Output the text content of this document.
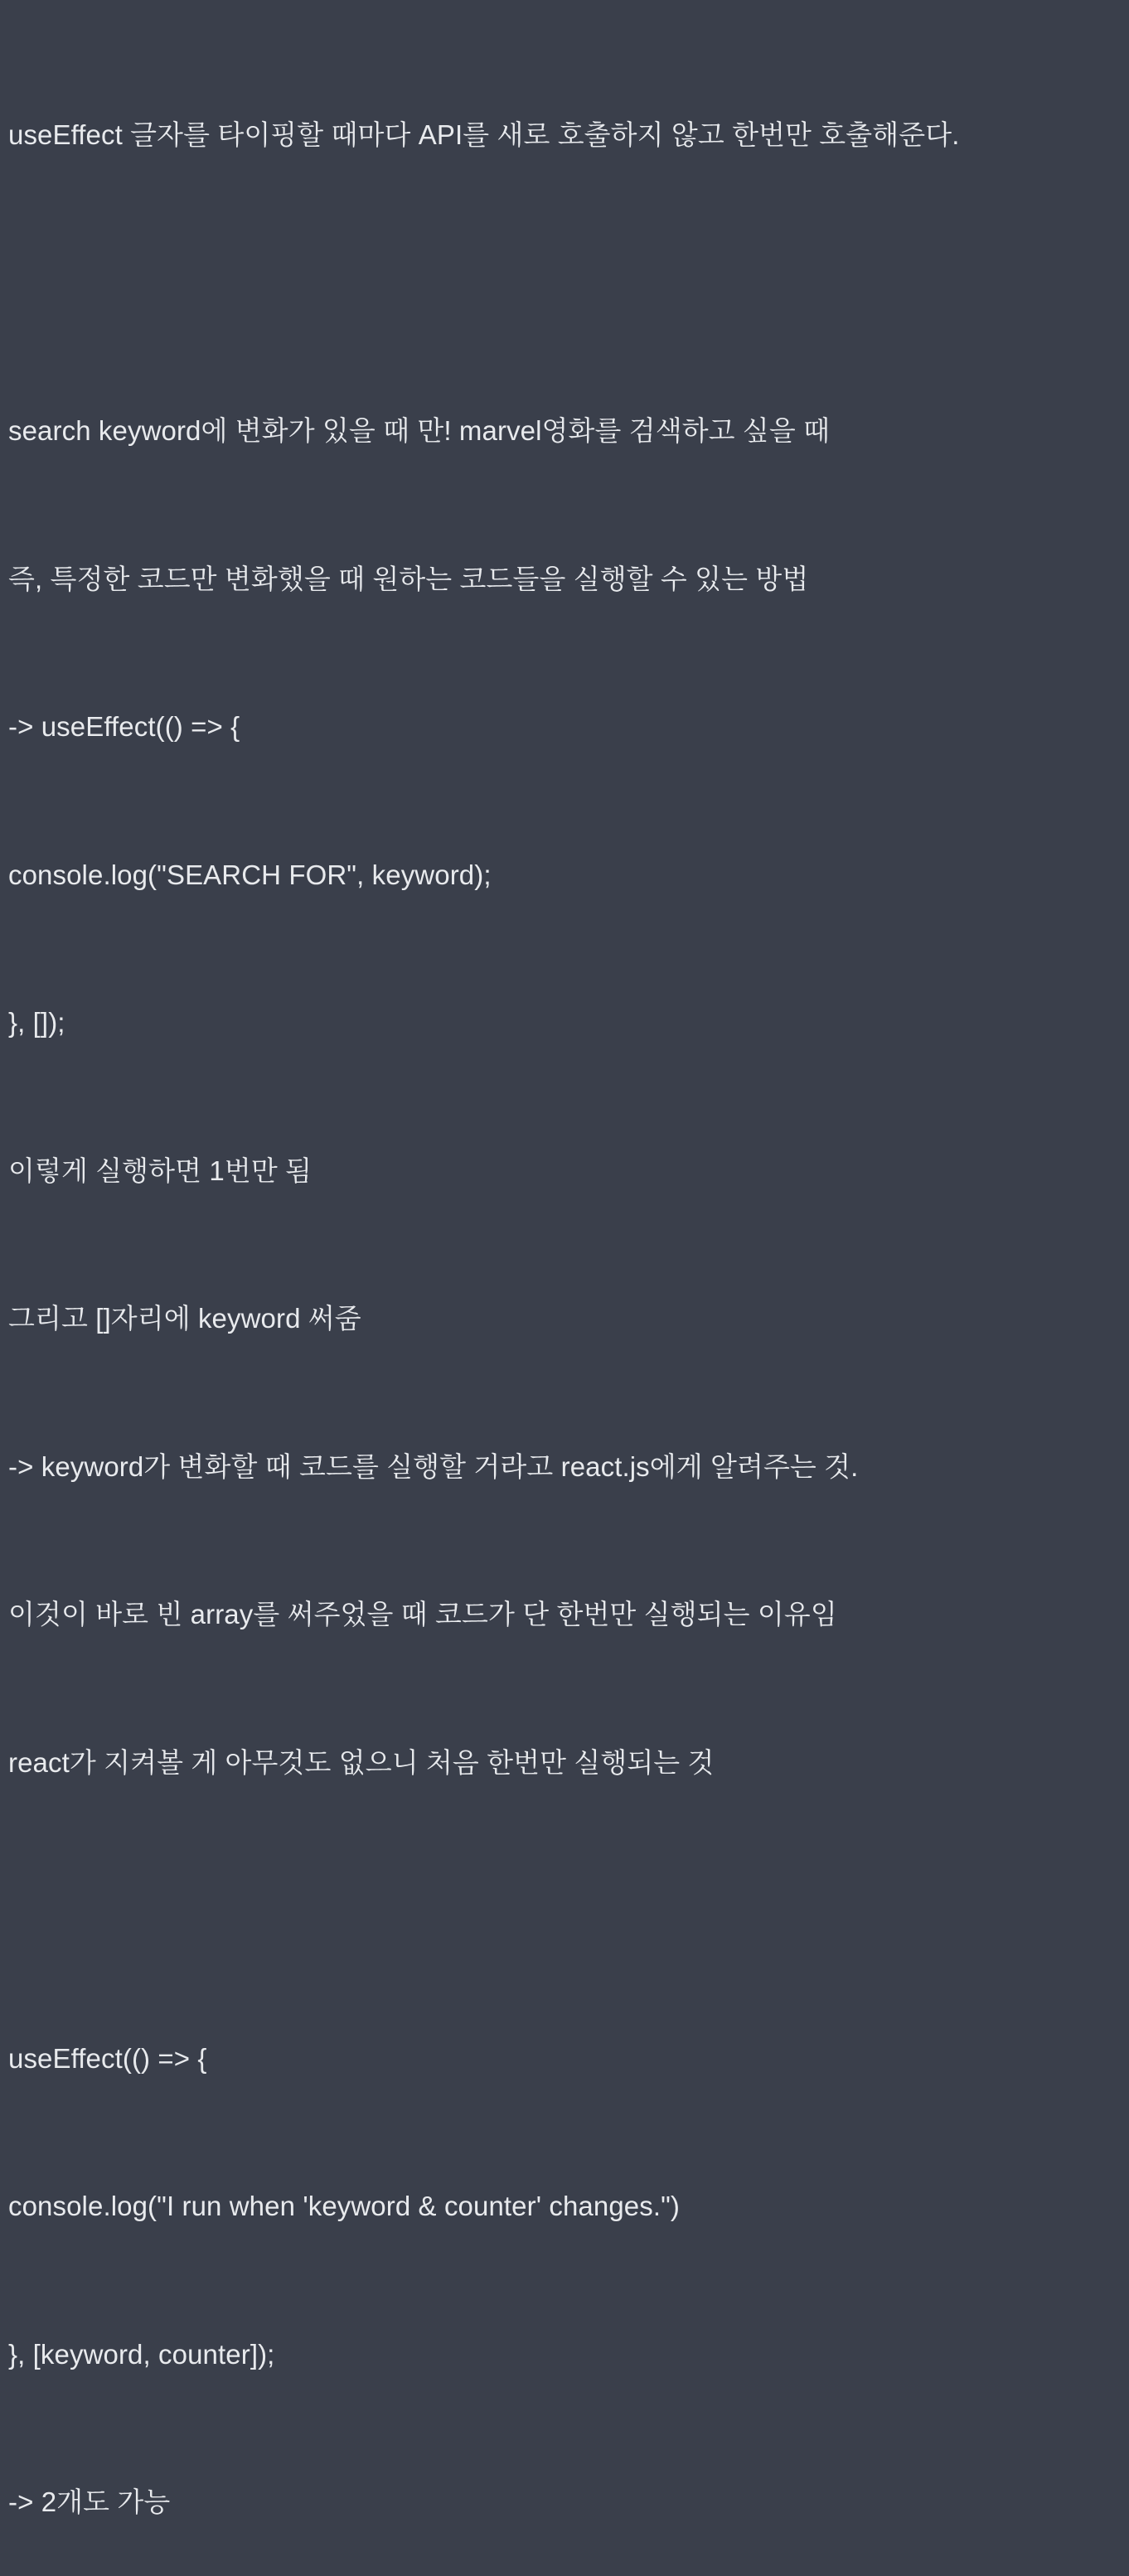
useEffect 글자를 타이핑할 때마다 API를 새로 호출하지 않고 한번만 호출해준다.

search keyword에 변화가 있을 때 만! marvel영화를 검색하고 싶을 때

즉, 특정한 코드만 변화했을 때 원하는 코드들을 실행할 수 있는 방법

-> useEffect(() => {

console.log("SEARCH FOR", keyword);

}, []);

이렇게 실행하면 1번만 됨

그리고 []자리에 keyword 써줌

-> keyword가 변화할 때 코드를 실행할 거라고 react.js에게 알려주는 것.

이것이 바로 빈 array를 써주었을 때 코드가 단 한번만 실행되는 이유임

react가 지켜볼 게 아무것도 없으니 처음 한번만 실행되는 것

useEffect(() => {

console.log("I run when 'keyword & counter' changes.")

}, [keyword, counter]);

-> 2개도 가능
